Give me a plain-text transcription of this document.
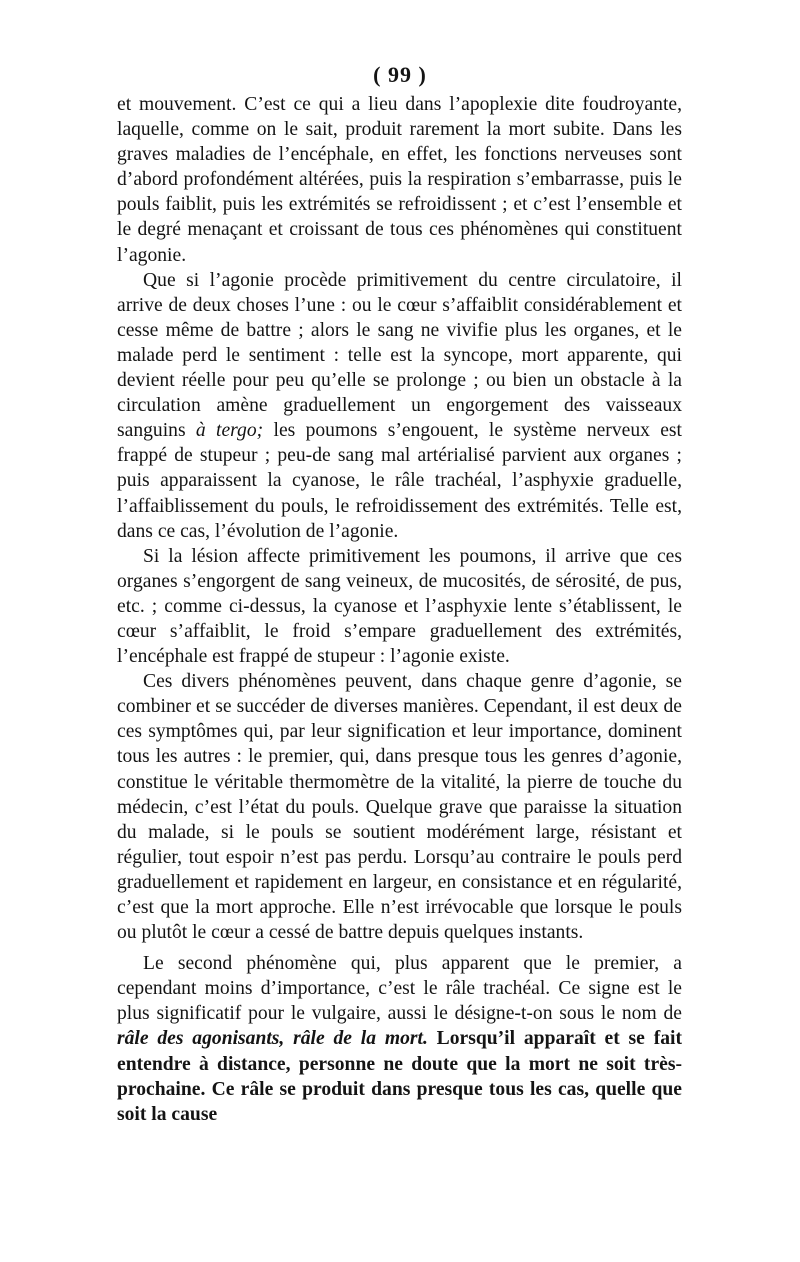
( 99 )

et mouvement. C’est ce qui a lieu dans l’apoplexie dite foudroyante, laquelle, comme on le sait, produit rarement la mort subite. Dans les graves maladies de l’encéphale, en effet, les fonctions nerveuses sont d’abord profondément altérées, puis la respiration s’embarrasse, puis le pouls faiblit, puis les extrémités se refroidissent ; et c’est l’ensemble et le degré menaçant et croissant de tous ces phénomènes qui constituent l’agonie.

Que si l’agonie procède primitivement du centre circulatoire, il arrive de deux choses l’une : ou le cœur s’affaiblit considérablement et cesse même de battre ; alors le sang ne vivifie plus les organes, et le malade perd le sentiment : telle est la syncope, mort apparente, qui devient réelle pour peu qu’elle se prolonge ; ou bien un obstacle à la circulation amène graduellement un engorgement des vaisseaux sanguins à tergo; les poumons s’engouent, le système nerveux est frappé de stupeur ; peu-de sang mal artérialisé parvient aux organes ; puis apparaissent la cyanose, le râle trachéal, l’asphyxie graduelle, l’affaiblissement du pouls, le refroidissement des extrémités. Telle est, dans ce cas, l’évolution de l’agonie.

Si la lésion affecte primitivement les poumons, il arrive que ces organes s’engorgent de sang veineux, de mucosités, de sérosité, de pus, etc. ; comme ci-dessus, la cyanose et l’asphyxie lente s’établissent, le cœur s’affaiblit, le froid s’empare graduellement des extrémités, l’encéphale est frappé de stupeur : l’agonie existe.

Ces divers phénomènes peuvent, dans chaque genre d’agonie, se combiner et se succéder de diverses manières. Cependant, il est deux de ces symptômes qui, par leur signification et leur importance, dominent tous les autres : le premier, qui, dans presque tous les genres d’agonie, constitue le véritable thermomètre de la vitalité, la pierre de touche du médecin, c’est l’état du pouls. Quelque grave que paraisse la situation du malade, si le pouls se soutient modérément large, résistant et régulier, tout espoir n’est pas perdu. Lorsqu’au contraire le pouls perd graduellement et rapidement en largeur, en consistance et en régularité, c’est que la mort approche. Elle n’est irrévocable que lorsque le pouls ou plutôt le cœur a cessé de battre depuis quelques instants.

Le second phénomène qui, plus apparent que le premier, a cependant moins d’importance, c’est le râle trachéal. Ce signe est le plus significatif pour le vulgaire, aussi le désigne-t-on sous le nom de râle des agonisants, râle de la mort. Lorsqu’il apparaît et se fait entendre à distance, personne ne doute que la mort ne soit très-prochaine. Ce râle se produit dans presque tous les cas, quelle que soit la cause
